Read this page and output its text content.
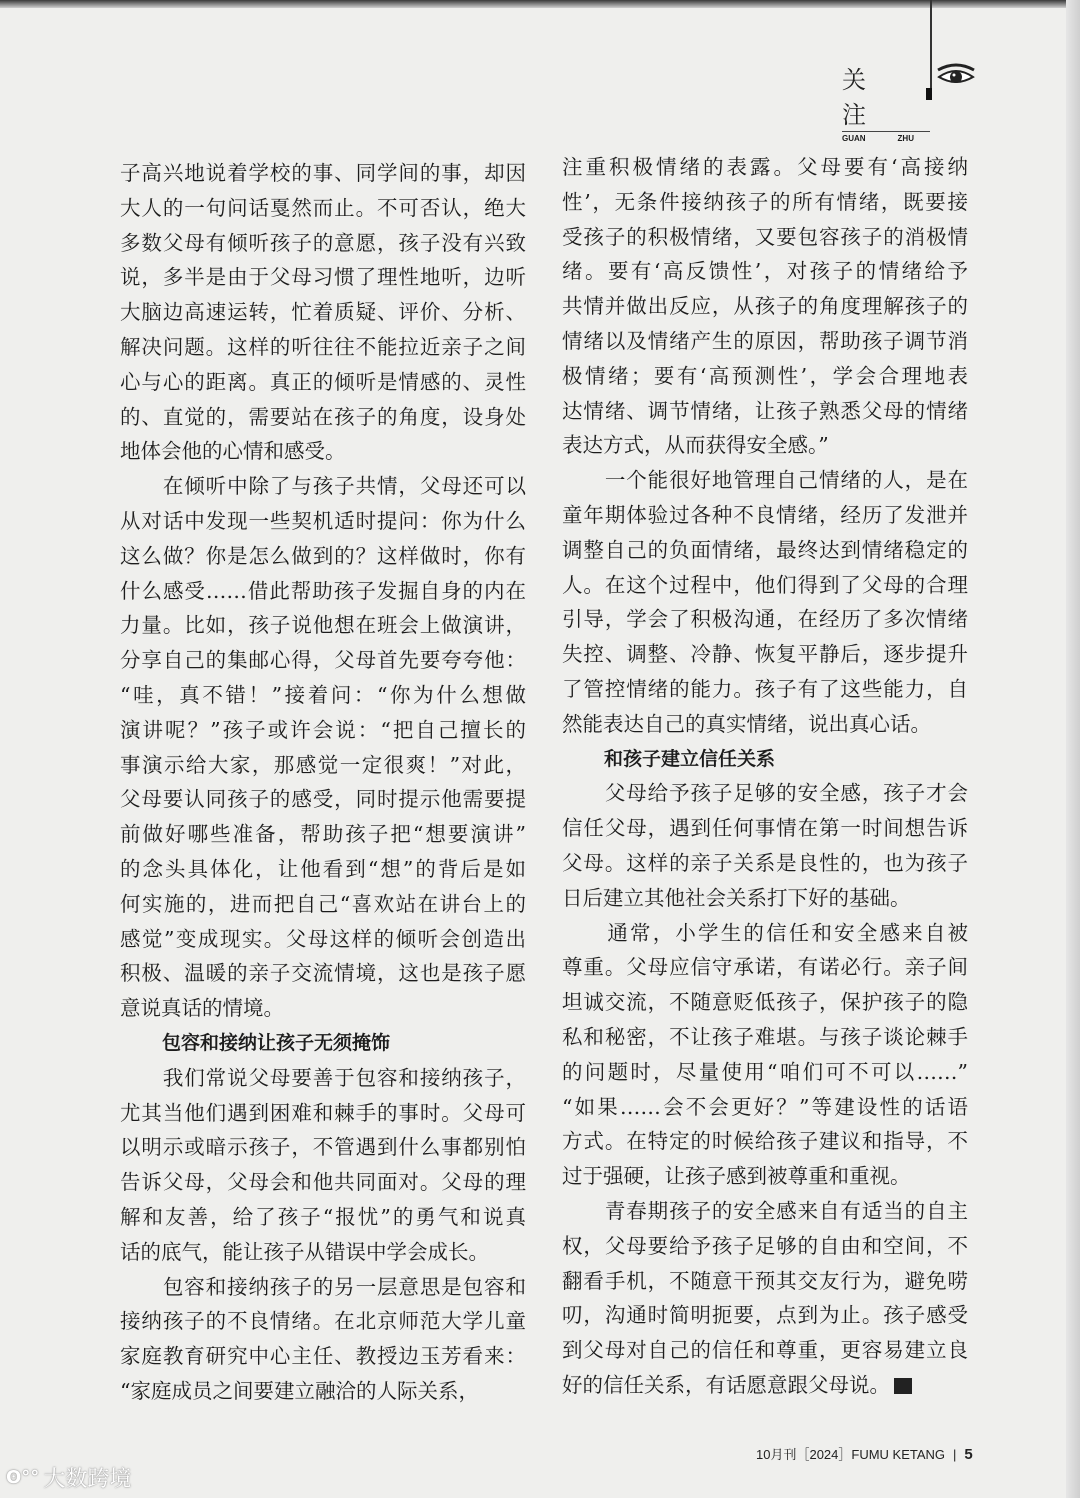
关 注
GUAN	ZHU
子高兴地说着学校的事、同学间的事，却因
大人的一句问话戛然而止。不可否认，绝大
多数父母有倾听孩子的意愿，孩子没有兴致
说，多半是由于父母习惯了理性地听，边听
大脑边高速运转，忙着质疑、评价、分析、
解决问题。这样的听往往不能拉近亲子之间
心与心的距离。真正的倾听是情感的、灵性
的、直觉的，需要站在孩子的角度，设身处
地体会他的心情和感受。
　　在倾听中除了与孩子共情，父母还可以
从对话中发现一些契机适时提问：你为什么
这么做？你是怎么做到的？这样做时，你有
什么感受……借此帮助孩子发掘自身的内在
力量。比如，孩子说他想在班会上做演讲，
分享自己的集邮心得，父母首先要夸夸他：
“哇，真不错！”接着问：“你为什么想做
演讲呢？”孩子或许会说：“把自己擅长的
事演示给大家，那感觉一定很爽！”对此，
父母要认同孩子的感受，同时提示他需要提
前做好哪些准备，帮助孩子把“想要演讲”
的念头具体化，让他看到“想”的背后是如
何实施的，进而把自己“喜欢站在讲台上的
感觉”变成现实。父母这样的倾听会创造出
积极、温暖的亲子交流情境，这也是孩子愿
意说真话的情境。
包容和接纳让孩子无须掩饰
　　我们常说父母要善于包容和接纳孩子，
尤其当他们遇到困难和棘手的事时。父母可
以明示或暗示孩子，不管遇到什么事都别怕
告诉父母，父母会和他共同面对。父母的理
解和友善，给了孩子“报忧”的勇气和说真
话的底气，能让孩子从错误中学会成长。
　　包容和接纳孩子的另一层意思是包容和
接纳孩子的不良情绪。在北京师范大学儿童
家庭教育研究中心主任、教授边玉芳看来：
“家庭成员之间要建立融洽的人际关系，
注重积极情绪的表露。父母要有‘高接纳
性’，无条件接纳孩子的所有情绪，既要接
受孩子的积极情绪，又要包容孩子的消极情
绪。要有‘高反馈性’，对孩子的情绪给予
共情并做出反应，从孩子的角度理解孩子的
情绪以及情绪产生的原因，帮助孩子调节消
极情绪；要有‘高预测性’，学会合理地表
达情绪、调节情绪，让孩子熟悉父母的情绪
表达方式，从而获得安全感。”
　　一个能很好地管理自己情绪的人，是在
童年期体验过各种不良情绪，经历了发泄并
调整自己的负面情绪，最终达到情绪稳定的
人。在这个过程中，他们得到了父母的合理
引导，学会了积极沟通，在经历了多次情绪
失控、调整、冷静、恢复平静后，逐步提升
了管控情绪的能力。孩子有了这些能力，自
然能表达自己的真实情绪，说出真心话。
和孩子建立信任关系
　　父母给予孩子足够的安全感，孩子才会
信任父母，遇到任何事情在第一时间想告诉
父母。这样的亲子关系是良性的，也为孩子
日后建立其他社会关系打下好的基础。
　　通常，小学生的信任和安全感来自被
尊重。父母应信守承诺，有诺必行。亲子间
坦诚交流，不随意贬低孩子，保护孩子的隐
私和秘密，不让孩子难堪。与孩子谈论棘手
的问题时，尽量使用“咱们可不可以……”
“如果……会不会更好？”等建设性的话语
方式。在特定的时候给孩子建议和指导，不
过于强硬，让孩子感到被尊重和重视。
　　青春期孩子的安全感来自有适当的自主
权，父母要给予孩子足够的自由和空间，不
翻看手机，不随意干预其交友行为，避免唠
叨，沟通时简明扼要，点到为止。孩子感受
到父母对自己的信任和尊重，更容易建立良
好的信任关系，有话愿意跟父母说。
10月刊［2024］FUMU KETANG | 5
ʘ°° 大数跨境
